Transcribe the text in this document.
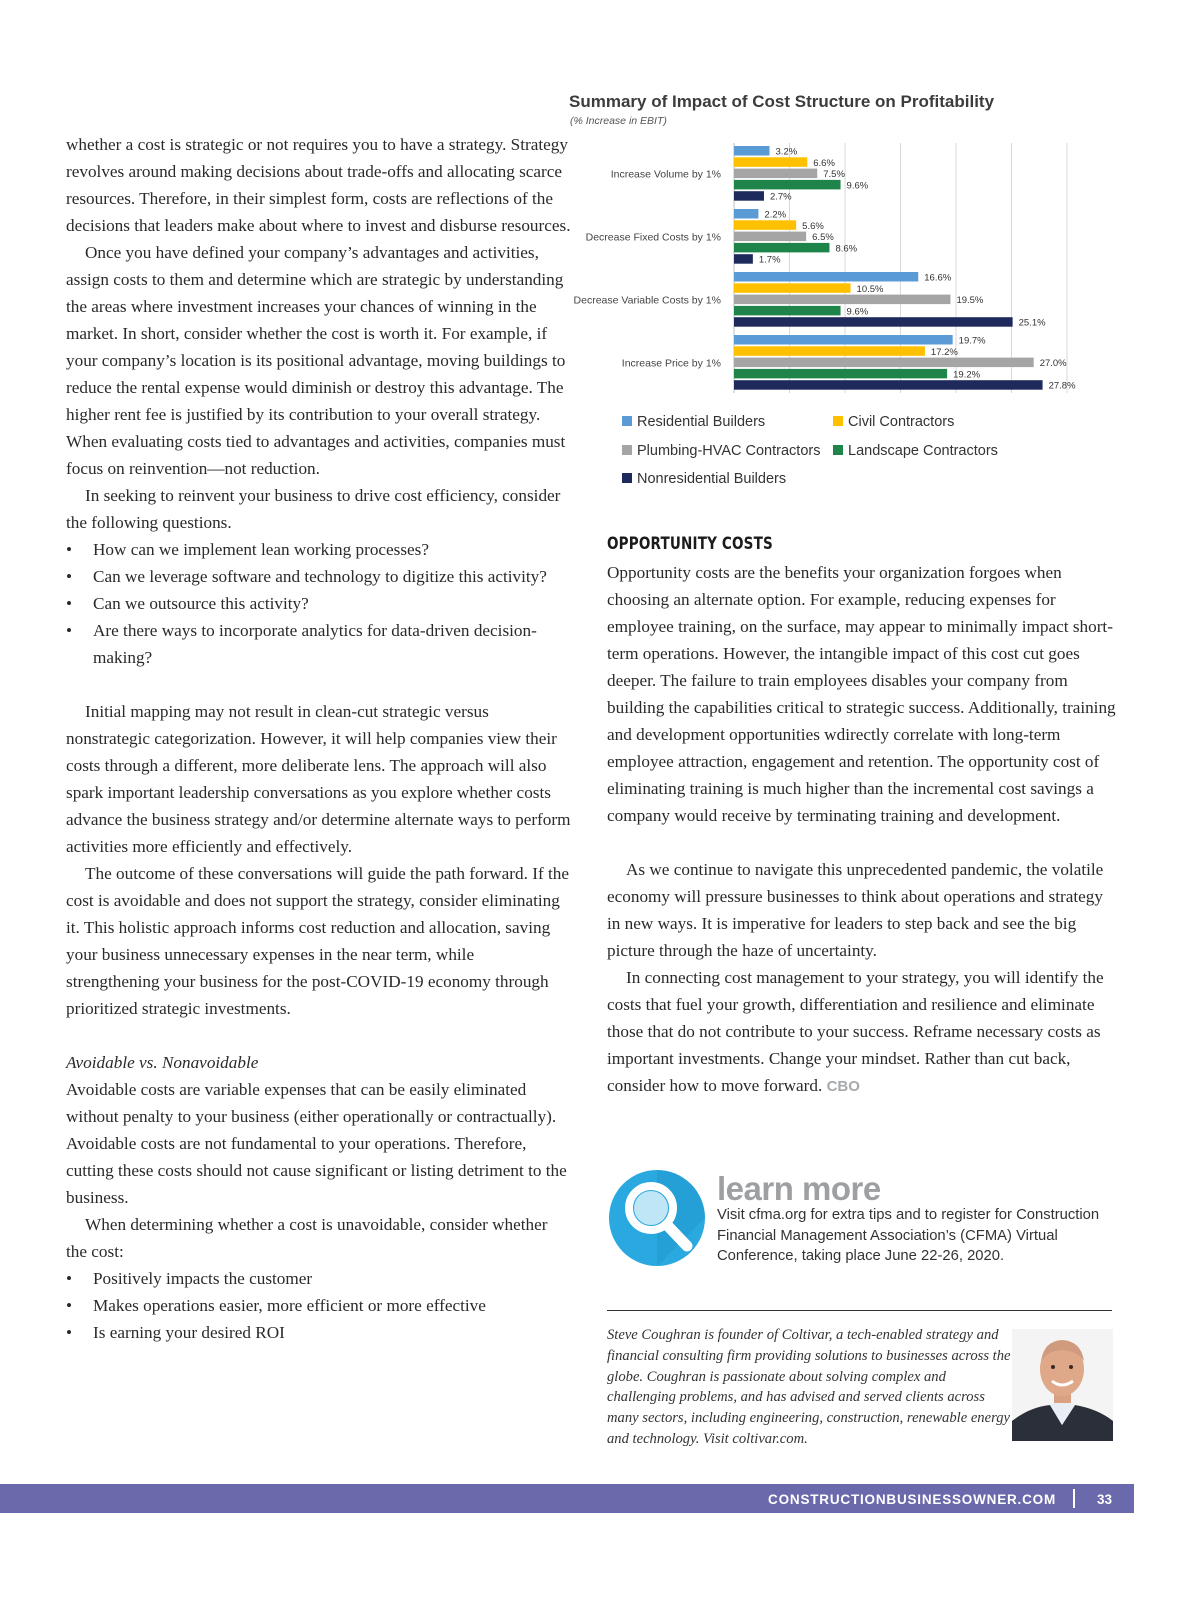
whether a cost is strategic or not requires you to have a strategy. Strategy revolves around making decisions about trade-offs and allocating scarce resources. Therefore, in their simplest form, costs are reflections of the decisions that leaders make about where to invest and disburse resources.

Once you have defined your company’s advantages and activities, assign costs to them and determine which are strategic by understanding the areas where investment increases your chances of winning in the market. In short, consider whether the cost is worth it. For example, if your company’s location is its positional advantage, moving buildings to reduce the rental expense would diminish or destroy this advantage. The higher rent fee is justified by its contribution to your overall strategy. When evaluating costs tied to advantages and activities, companies must focus on reinvention—not reduction.

In seeking to reinvent your business to drive cost efficiency, consider the following questions.

• How can we implement lean working processes?
• Can we leverage software and technology to digitize this activity?
• Can we outsource this activity?
• Are there ways to incorporate analytics for data-driven decision-making?

Initial mapping may not result in clean-cut strategic versus nonstrategic categorization. However, it will help companies view their costs through a different, more deliberate lens. The approach will also spark important leadership conversations as you explore whether costs advance the business strategy and/or determine alternate ways to perform activities more efficiently and effectively.

The outcome of these conversations will guide the path forward. If the cost is avoidable and does not support the strategy, consider eliminating it. This holistic approach informs cost reduction and allocation, saving your business unnecessary expenses in the near term, while strengthening your business for the post-COVID-19 economy through prioritized strategic investments.

Avoidable vs. Nonavoidable

Avoidable costs are variable expenses that can be easily eliminated without penalty to your business (either operationally or contractually). Avoidable costs are not fundamental to your operations. Therefore, cutting these costs should not cause significant or listing detriment to the business.

When determining whether a cost is unavoidable, consider whether the cost:

• Positively impacts the customer
• Makes operations easier, more efficient or more effective
• Is earning your desired ROI
Increase Volume by 1%
3.2%
6.6%
7.5%
9.6%
2.7%
Decrease Fixed Costs by 1%
2.2%
5.6%
6.5%
8.6%
1.7%
Decrease Variable Costs by 1%
16.6%
10.5%
19.5%
9.6%
25.1%
Increase Price by 1%
19.7%
17.2%
27.0%
19.2%
27.8%
Summary of Impact of Cost Structure on Profitability
(% Increase in EBIT)
Residential Builders	Civil Contractors
Plumbing-HVAC Contractors	Landscape Contractors
Nonresidential Builders
OPPORTUNITY COSTS

Opportunity costs are the benefits your organization forgoes when choosing an alternate option. For example, reducing expenses for employee training, on the surface, may appear to minimally impact short-term operations. However, the intangible impact of this cost cut goes deeper. The failure to train employees disables your company from building the capabilities critical to strategic success. Additionally, training and development opportunities wdirectly correlate with long-term employee attraction, engagement and retention. The opportunity cost of eliminating training is much higher than the incremental cost savings a company would receive by terminating training and development.

As we continue to navigate this unprecedented pandemic, the volatile economy will pressure businesses to think about operations and strategy in new ways. It is imperative for leaders to step back and see the big picture through the haze of uncertainty.

In connecting cost management to your strategy, you will identify the costs that fuel your growth, differentiation and resilience and eliminate those that do not contribute to your success. Reframe necessary costs as important investments. Change your mindset. Rather than cut back, consider how to move forward. CBO

learn more
Visit cfma.org for extra tips and to register for Construction Financial Management Association’s (CFMA) Virtual Conference, taking place June 22-26, 2020.
Steve Coughran is founder of Coltivar, a tech-enabled strategy and financial consulting firm providing solutions to businesses across the globe. Coughran is passionate about solving complex and challenging problems, and has advised and served clients across many sectors, including engineering, construction, renewable energy and technology. Visit coltivar.com.
CONSTRUCTIONBUSINESSOWNER.COM	33
